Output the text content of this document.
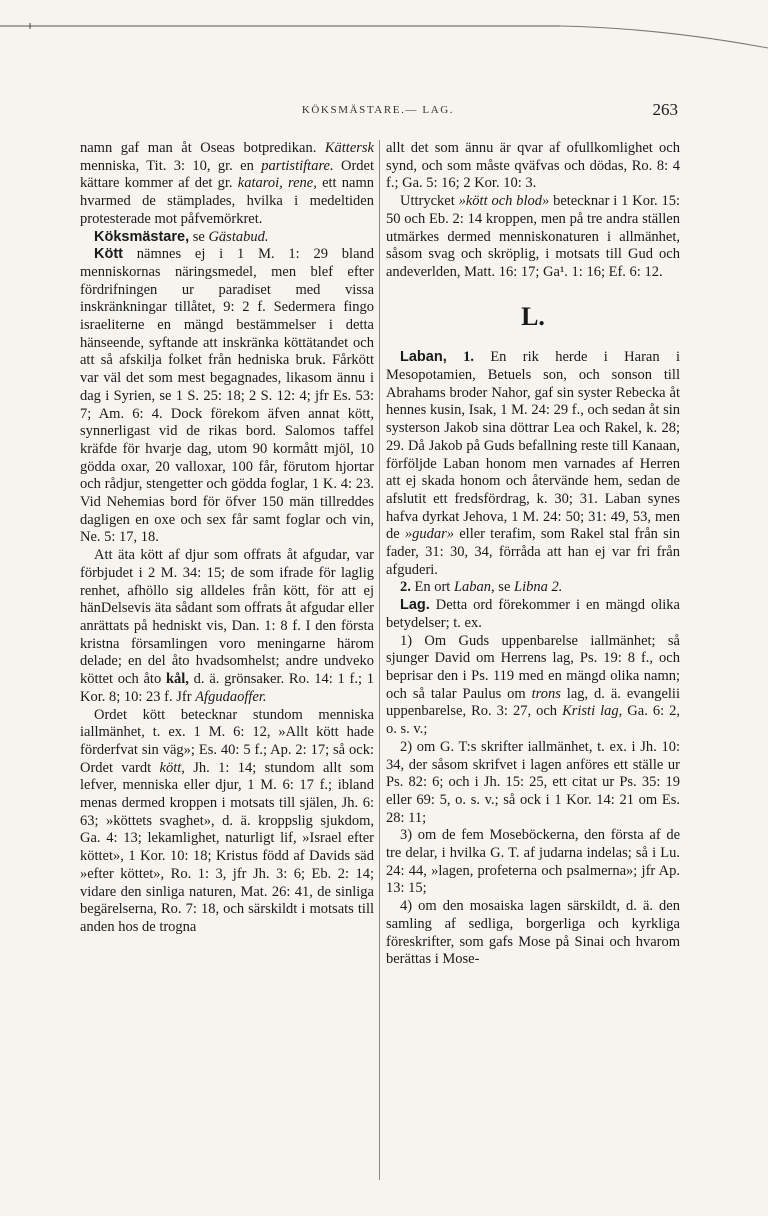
KÖKSMÄSTARE.— LAG.	263

namn gaf man åt Oseas botpredikan. Kättersk menniska, Tit. 3: 10, gr. en partistiftare. Ordet kättare kommer af det gr. kataroi, rene, ett namn hvarmed de stämplades, hvilka i medeltiden protesterade mot påfvemörkret.

Köksmästare, se Gästabud.

Kött nämnes ej i 1 M. 1: 29 bland menniskornas näringsmedel, men blef efter fördrifningen ur paradiset med vissa inskränkningar tillåtet, 9: 2 f. Sedermera fingo israeliterne en mängd bestämmelser i detta hänseende, syftande att inskränka köttätandet och att så afskilja folket från hedniska bruk. Fårkött var väl det som mest begagnades, likasom ännu i dag i Syrien, se 1 S. 25: 18; 2 S. 12: 4; jfr Es. 53: 7; Am. 6: 4. Dock förekom äfven annat kött, synnerligast vid de rikas bord. Salomos taffel kräfde för hvarje dag, utom 90 kormått mjöl, 10 gödda oxar, 20 valloxar, 100 får, förutom hjortar och rådjur, stengetter och gödda foglar, 1 K. 4: 23. Vid Nehemias bord för öfver 150 män tillreddes dagligen en oxe och sex får samt foglar och vin, Ne. 5: 17, 18.

Att äta kött af djur som offrats åt afgudar, var förbjudet i 2 M. 34: 15; de som ifrade för laglig renhet, afhöllo sig alldeles från kött, för att ej hänDelsevis äta sådant som offrats åt afgudar eller anrättats på hedniskt vis, Dan. 1: 8 f. I den första kristna församlingen voro meningarne härom delade; en del åto hvadsomhelst; andre undveko köttet och åto kål, d. ä. grönsaker. Ro. 14: 1 f.; 1 Kor. 8; 10: 23 f. Jfr Afgudaoffer.

Ordet kött betecknar stundom menniska iallmänhet, t. ex. 1 M. 6: 12, »Allt kött hade förderfvat sin väg»; Es. 40: 5 f.; Ap. 2: 17; så ock: Ordet vardt kött, Jh. 1: 14; stundom allt som lefver, menniska eller djur, 1 M. 6: 17 f.; ibland menas dermed kroppen i motsats till själen, Jh. 6: 63; »köttets svaghet», d. ä. kroppslig sjukdom, Ga. 4: 13; lekamlighet, naturligt lif, »Israel efter köttet», 1 Kor. 10: 18; Kristus född af Davids säd »efter köttet», Ro. 1: 3, jfr Jh. 3: 6; Eb. 2: 14; vidare den sinliga naturen, Mat. 26: 41, de sinliga begärelserna, Ro. 7: 18, och särskildt i motsats till anden hos de trogna

allt det som ännu är qvar af ofullkomlighet och synd, och som måste qväfvas och dödas, Ro. 8: 4 f.; Ga. 5: 16; 2 Kor. 10: 3.

Uttrycket »kött och blod» betecknar i 1 Kor. 15: 50 och Eb. 2: 14 kroppen, men på tre andra ställen utmärkes dermed menniskonaturen i allmänhet, såsom svag och skröplig, i motsats till Gud och andeverlden, Matt. 16: 17; Ga¹. 1: 16; Ef. 6: 12.

L.

Laban, 1. En rik herde i Haran i Mesopotamien, Betuels son, och sonson till Abrahams broder Nahor, gaf sin syster Rebecka åt hennes kusin, Isak, 1 M. 24: 29 f., och sedan åt sin systerson Jakob sina döttrar Lea och Rakel, k. 28; 29. Då Jakob på Guds befallning reste till Kanaan, förföljde Laban honom men varnades af Herren att ej skada honom och återvände hem, sedan de afslutit ett fredsfördrag, k. 30; 31. Laban synes hafva dyrkat Jehova, 1 M. 24: 50; 31: 49, 53, men de »gudar» eller terafim, som Rakel stal från sin fader, 31: 30, 34, förråda att han ej var fri från afguderi.

2. En ort Laban, se Libna 2.

Lag. Detta ord förekommer i en mängd olika betydelser; t. ex.

1) Om Guds uppenbarelse iallmänhet; så sjunger David om Herrens lag, Ps. 19: 8 f., och beprisar den i Ps. 119 med en mängd olika namn; och så talar Paulus om trons lag, d. ä. evangelii uppenbarelse, Ro. 3: 27, och Kristi lag, Ga. 6: 2, o. s. v.;

2) om G. T:s skrifter iallmänhet, t. ex. i Jh. 10: 34, der såsom skrifvet i lagen anföres ett ställe ur Ps. 82: 6; och i Jh. 15: 25, ett citat ur Ps. 35: 19 eller 69: 5, o. s. v.; så ock i 1 Kor. 14: 21 om Es. 28: 11;

3) om de fem Moseböckerna, den första af de tre delar, i hvilka G. T. af judarna indelas; så i Lu. 24: 44, »lagen, profeterna och psalmerna»; jfr Ap. 13: 15;

4) om den mosaiska lagen särskildt, d. ä. den samling af sedliga, borgerliga och kyrkliga föreskrifter, som gafs Mose på Sinai och hvarom berättas i Mose-
